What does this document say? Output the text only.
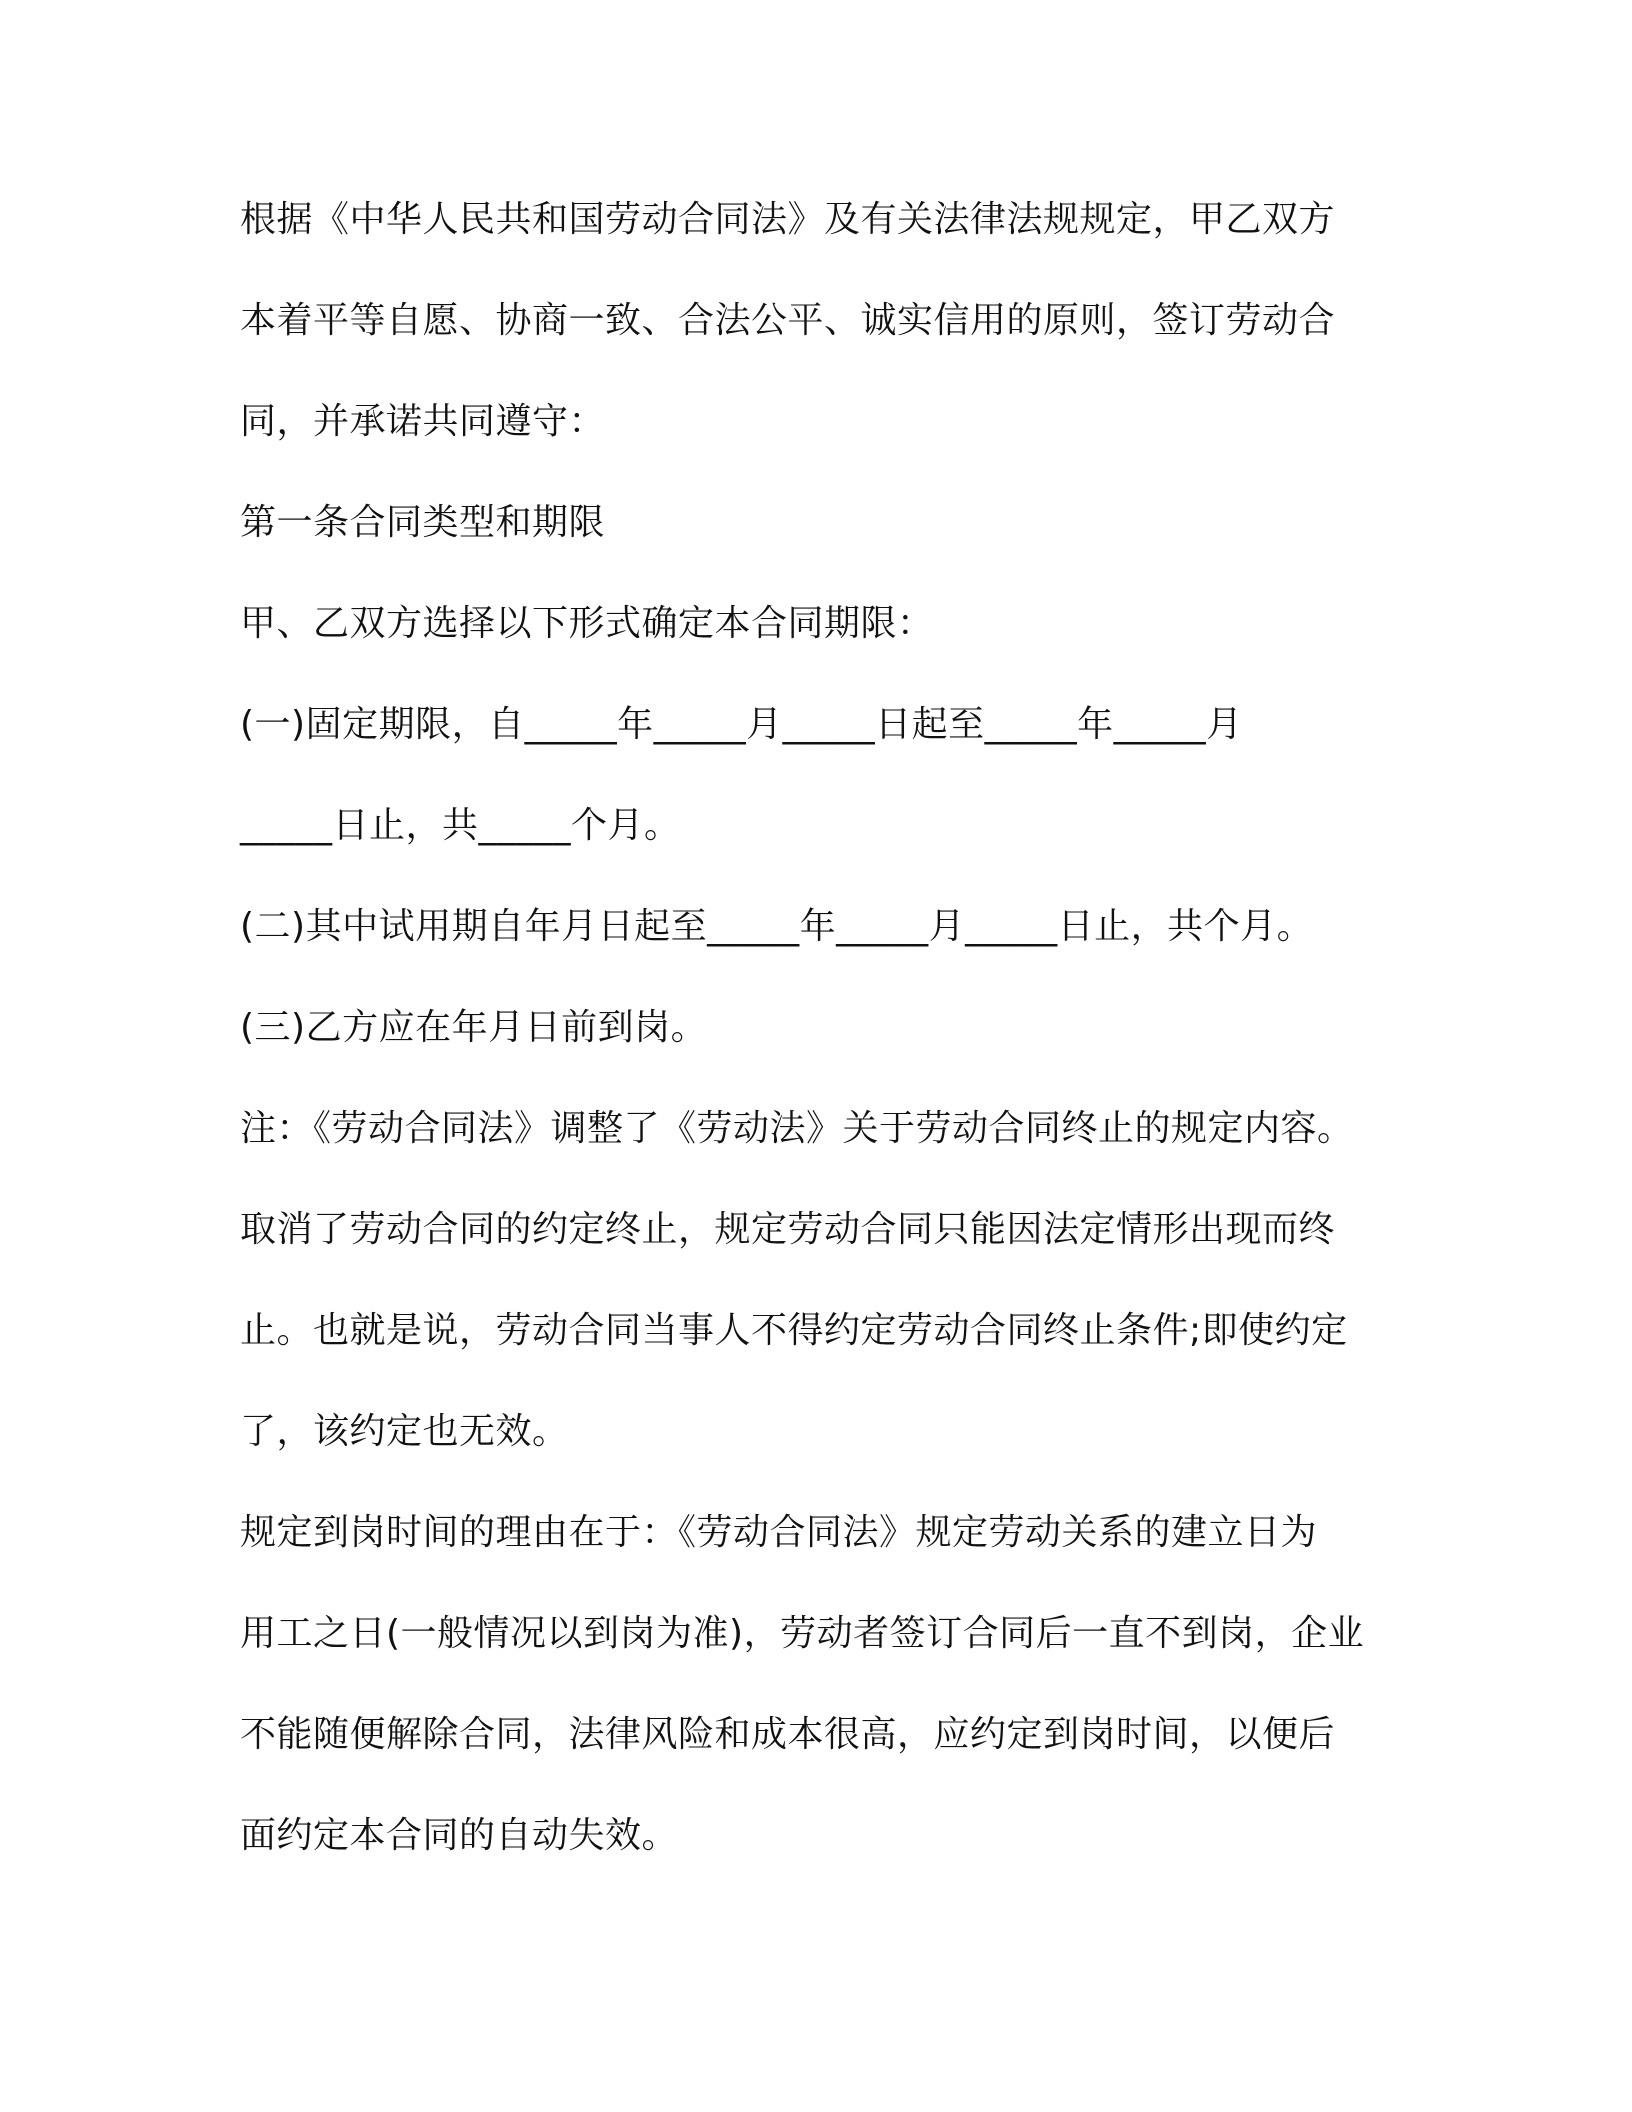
根据《中华人民共和国劳动合同法》及有关法律法规规定，甲乙双方
本着平等自愿、协商一致、合法公平、诚实信用的原则，签订劳动合
同，并承诺共同遵守：
第一条合同类型和期限
甲、乙双方选择以下形式确定本合同期限：
(一)固定期限，自_____年_____月_____日起至_____年_____月
_____日止，共_____个月。
(二)其中试用期自年月日起至_____年_____月_____日止，共个月。
(三)乙方应在年月日前到岗。
注：《劳动合同法》调整了《劳动法》关于劳动合同终止的规定内容。
取消了劳动合同的约定终止，规定劳动合同只能因法定情形出现而终
止。也就是说，劳动合同当事人不得约定劳动合同终止条件;即使约定
了，该约定也无效。
规定到岗时间的理由在于：《劳动合同法》规定劳动关系的建立日为
用工之日(一般情况以到岗为准)，劳动者签订合同后一直不到岗，企业
不能随便解除合同，法律风险和成本很高，应约定到岗时间，以便后
面约定本合同的自动失效。
